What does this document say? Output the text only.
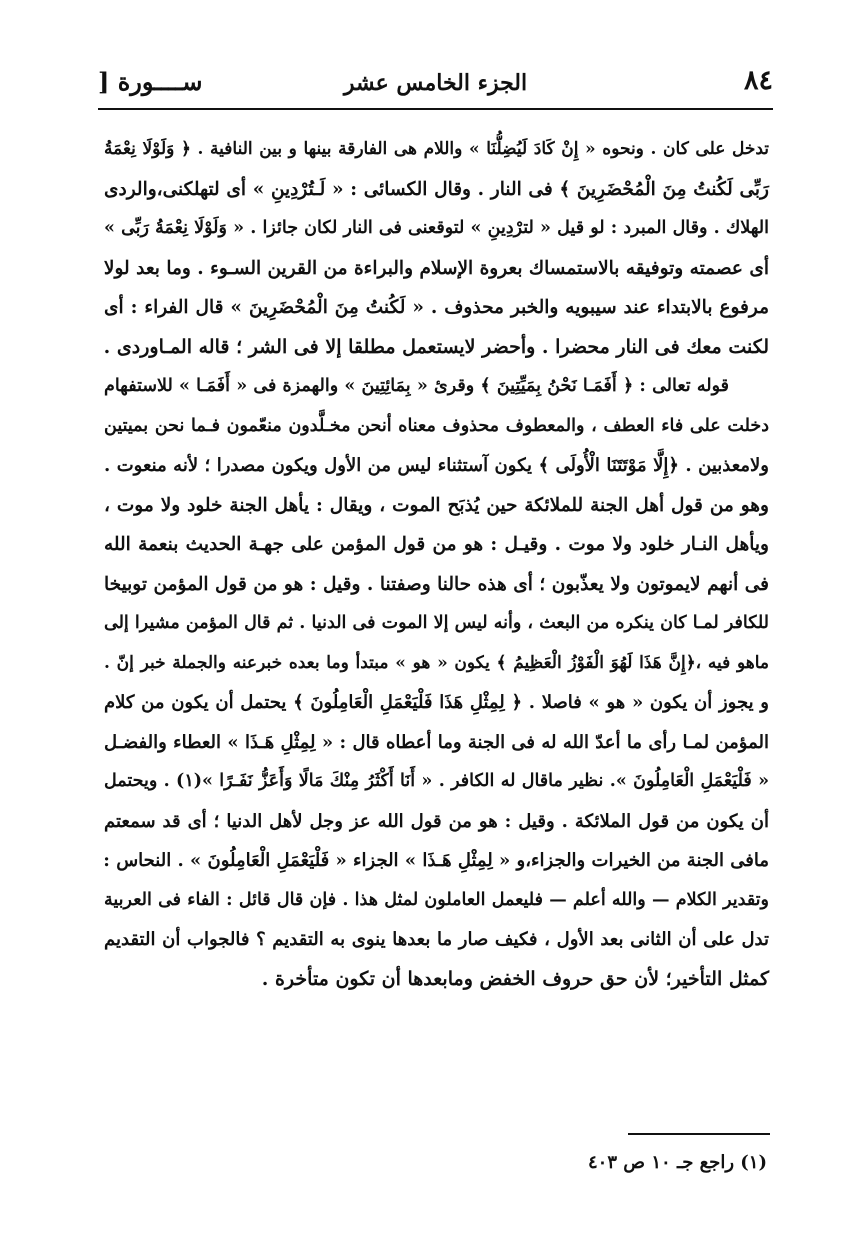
٨٤
الجزء الخامس عشر
ســــورة [

تدخل على كان . ونحوه « إِنْ كَادَ لَيُضِلُّنَا » واللام هى الفارقة بينها و بين النافية . ﴿ وَلَوْلَا نِعْمَةُ

رَبِّى لَكُنتُ مِنَ الْمُحْضَرِينَ ﴾ فى النار . وقال الكسائى : « لَـتُرْدِينِ » أى لتهلكنى،والردى

الهلاك . وقال المبرد : لو قيل « لترْدِينِ » لتوقعنى فى النار لكان جائزا . « وَلَوْلَا نِعْمَةُ رَبِّى »

أى عصمته وتوفيقه بالاستمساك بعروة الإسلام والبراءة من القرين السـوء . وما بعد لولا

مرفوع بالابتداء عند سيبويه والخبر محذوف . « لَكُنتُ مِنَ الْمُحْضَرِينَ » قال الفراء : أى

لكنت معك فى النار محضرا . وأحضر لايستعمل مطلقا إلا فى الشر ؛ قاله المـاوردى .

قوله تعالى : ﴿ أَفَمَـا نَحْنُ بِمَيِّتِينَ ﴾ وقرئ « بِمَائِتِينَ » والهمزة فى « أَفَمَـا » للاستفهام

دخلت على فاء العطف ، والمعطوف محذوف معناه أنحن مخـلَّدون منعّمون فـما نحن بميتين

ولامعذبين . ﴿إِلَّا مَوْتَتَنَا الْأُولَى ﴾ يكون آستثناء ليس من الأول ويكون مصدرا ؛ لأنه منعوت .

وهو من قول أهل الجنة للملائكة حين يُذبَح الموت ، ويقال : يأهل الجنة خلود ولا موت ،

ويأهل النـار خلود ولا موت . وقيـل : هو من قول المؤمن على جهـة الحديث بنعمة الله

فى أنهم لايموتون ولا يعذّبون ؛ أى هذه حالنا وصفتنا . وقيل : هو من قول المؤمن توبيخا

للكافر لمـا كان ينكره من البعث ، وأنه ليس إلا الموت فى الدنيا . ثم قال المؤمن مشيرا إلى

ماهو فيه ،﴿إِنَّ هَذَا لَهُوَ الْفَوْزُ الْعَظِيمُ ﴾ يكون « هو » مبتدأ وما بعده خبرعنه والجملة خبر إنّ .

و يجوز أن يكون « هو » فاصلا . ﴿ لِمِثْلِ هَذَا فَلْيَعْمَلِ الْعَامِلُونَ ﴾ يحتمل أن يكون من كلام

المؤمن لمـا رأى ما أعدّ الله له فى الجنة وما أعطاه قال : « لِمِثْلِ هَـذَا » العطاء والفضـل

« فَلْيَعْمَلِ الْعَامِلُونَ ». نظير ماقال له الكافر . « أَنَا أَكْثَرُ مِنْكَ مَالًا وَأَعَزُّ نَفَـرًا »(١) . ويحتمل

أن يكون من قول الملائكة . وقيل : هو من قول الله عز وجل لأهل الدنيا ؛ أى قد سمعتم

مافى الجنة من الخيرات والجزاء،و « لِمِثْلِ هَـذَا » الجزاء « فَلْيَعْمَلِ الْعَامِلُونَ » . النحاس :

وتقدير الكلام — والله أعلم — فليعمل العاملون لمثل هذا . فإن قال قائل : الفاء فى العربية

تدل على أن الثانى بعد الأول ، فكيف صار ما بعدها ينوى به التقديم ؟ فالجواب أن التقديم

كمثل التأخير؛ لأن حق حروف الخفض ومابعدها أن تكون متأخرة .

(١) راجع جـ ١٠ ص ٤٠٣
